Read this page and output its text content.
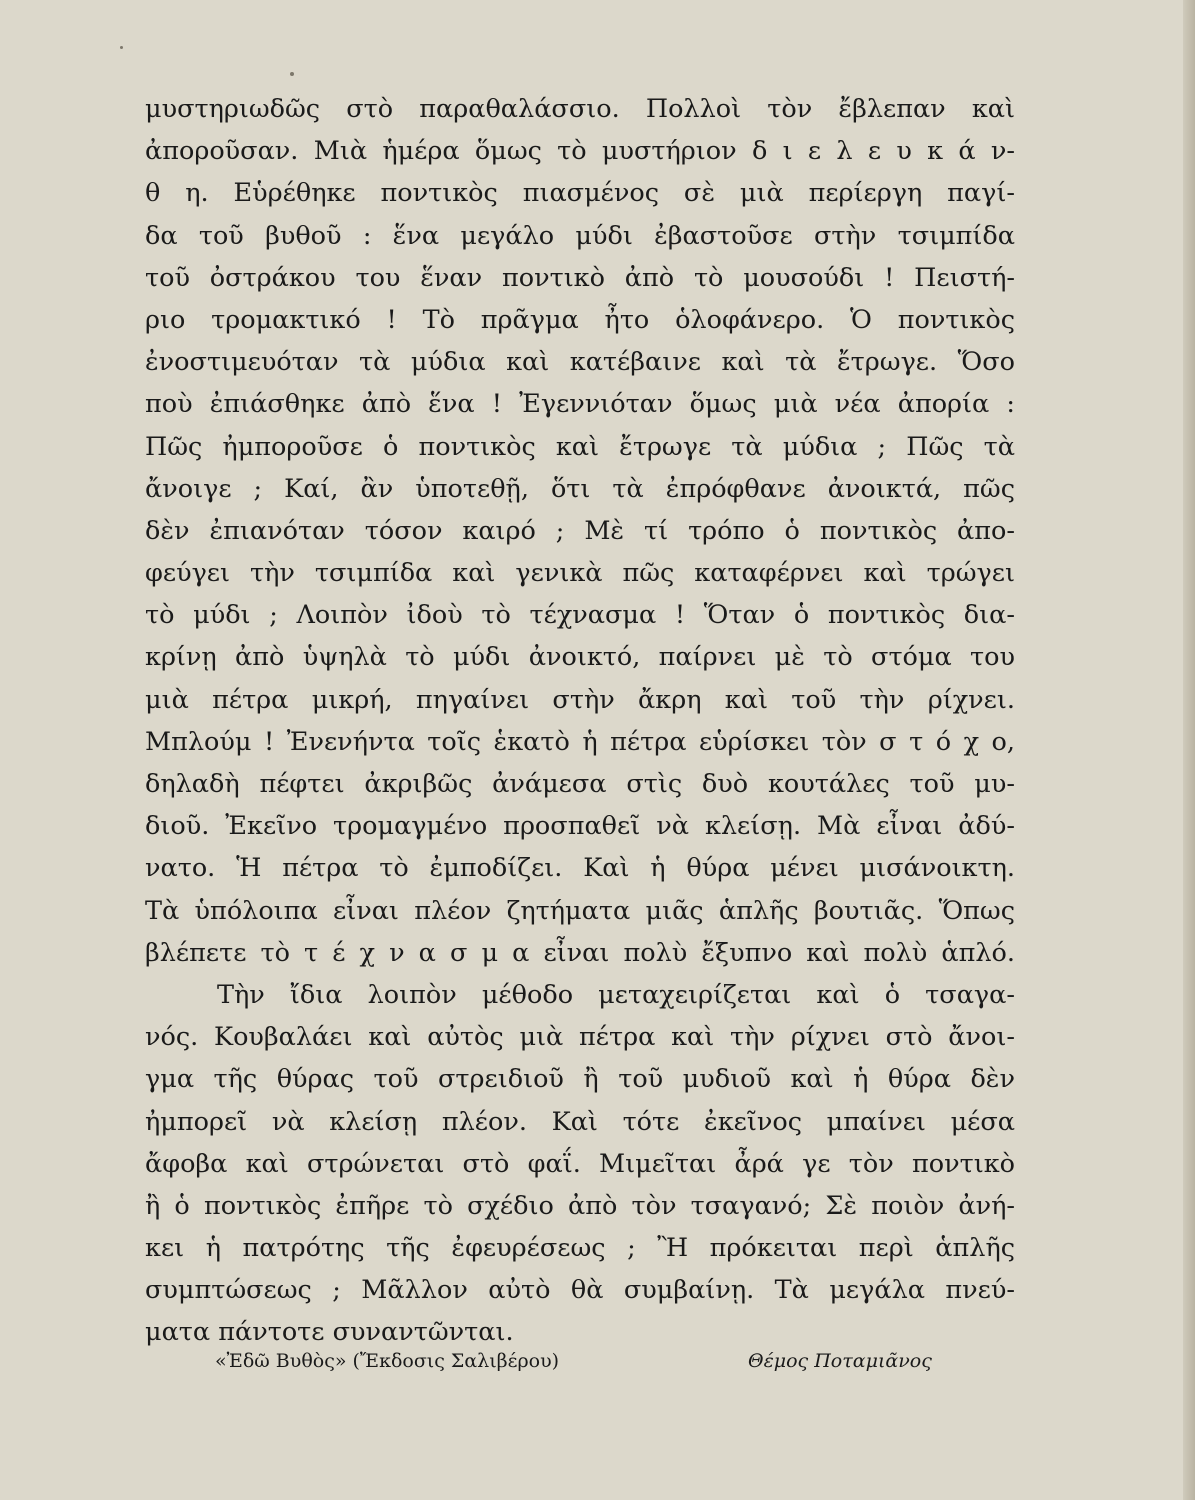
μυστηριωδῶς στὸ παραθαλάσσιο. Πολλοὶ τὸν ἔβλεπαν καὶ
ἀποροῦσαν. Μιὰ ἡμέρα ὅμως τὸ μυστήριον δ ι ε λ ε υ κ ά ν-
θ η. Εὑρέθηκε ποντικὸς πιασμένος σὲ μιὰ περίεργη παγί-
δα τοῦ βυθοῦ : ἕνα μεγάλο μύδι ἐβαστοῦσε στὴν τσιμπίδα
τοῦ ὀστράκου του ἕναν ποντικὸ ἀπὸ τὸ μουσούδι ! Πειστή-
ριο τρομακτικό ! Τὸ πρᾶγμα ἦτο ὁλοφάνερο. Ὁ ποντικὸς
ἐνοστιμευόταν τὰ μύδια καὶ κατέβαινε καὶ τὰ ἔτρωγε. Ὅσο
ποὺ ἐπιάσθηκε ἀπὸ ἕνα ! Ἐγεννιόταν ὅμως μιὰ νέα ἀπορία :
Πῶς ἠμποροῦσε ὁ ποντικὸς καὶ ἔτρωγε τὰ μύδια ; Πῶς τὰ
ἄνοιγε ; Καί, ἂν ὑποτεθῇ, ὅτι τὰ ἐπρόφθανε ἀνοικτά, πῶς
δὲν ἐπιανόταν τόσον καιρό ; Μὲ τί τρόπο ὁ ποντικὸς ἀπο-
φεύγει τὴν τσιμπίδα καὶ γενικὰ πῶς καταφέρνει καὶ τρώγει
τὸ μύδι ; Λοιπὸν ἰδοὺ τὸ τέχνασμα ! Ὅταν ὁ ποντικὸς δια-
κρίνῃ ἀπὸ ὑψηλὰ τὸ μύδι ἀνοικτό, παίρνει μὲ τὸ στόμα του
μιὰ πέτρα μικρή, πηγαίνει στὴν ἄκρη καὶ τοῦ τὴν ρίχνει.
Μπλούμ ! Ἐνενήντα τοῖς ἑκατὸ ἡ πέτρα εὑρίσκει τὸν σ τ ό χ ο,
δηλαδὴ πέφτει ἀκριβῶς ἀνάμεσα στὶς δυὸ κουτάλες τοῦ μυ-
διοῦ. Ἐκεῖνο τρομαγμένο προσπαθεῖ νὰ κλείσῃ. Μὰ εἶναι ἀδύ-
νατο. Ἡ πέτρα τὸ ἐμποδίζει. Καὶ ἡ θύρα μένει μισάνοικτη.
Τὰ ὑπόλοιπα εἶναι πλέον ζητήματα μιᾶς ἁπλῆς βουτιᾶς. Ὅπως
βλέπετε τὸ τ έ χ ν α σ μ α εἶναι πολὺ ἔξυπνο καὶ πολὺ ἁπλό.
Τὴν ἴδια λοιπὸν μέθοδο μεταχειρίζεται καὶ ὁ τσαγα-
νός. Κουβαλάει καὶ αὐτὸς μιὰ πέτρα καὶ τὴν ρίχνει στὸ ἄνοι-
γμα τῆς θύρας τοῦ στρειδιοῦ ἢ τοῦ μυδιοῦ καὶ ἡ θύρα δὲν
ἠμπορεῖ νὰ κλείσῃ πλέον. Καὶ τότε ἐκεῖνος μπαίνει μέσα
ἄφοβα καὶ στρώνεται στὸ φαΐ. Μιμεῖται ἆρά γε τὸν ποντικὸ
ἢ ὁ ποντικὸς ἐπῆρε τὸ σχέδιο ἀπὸ τὸν τσαγανό; Σὲ ποιὸν ἀνή-
κει ἡ πατρότης τῆς ἐφευρέσεως ; Ἢ πρόκειται περὶ ἁπλῆς
συμπτώσεως ; Μᾶλλον αὐτὸ θὰ συμβαίνῃ. Τὰ μεγάλα πνεύ-
ματα πάντοτε συναντῶνται.
«Ἐδῶ Βυθὸς» (Ἔκδοσις Σαλιβέρου)	Θέμος Ποταμιᾶνος
